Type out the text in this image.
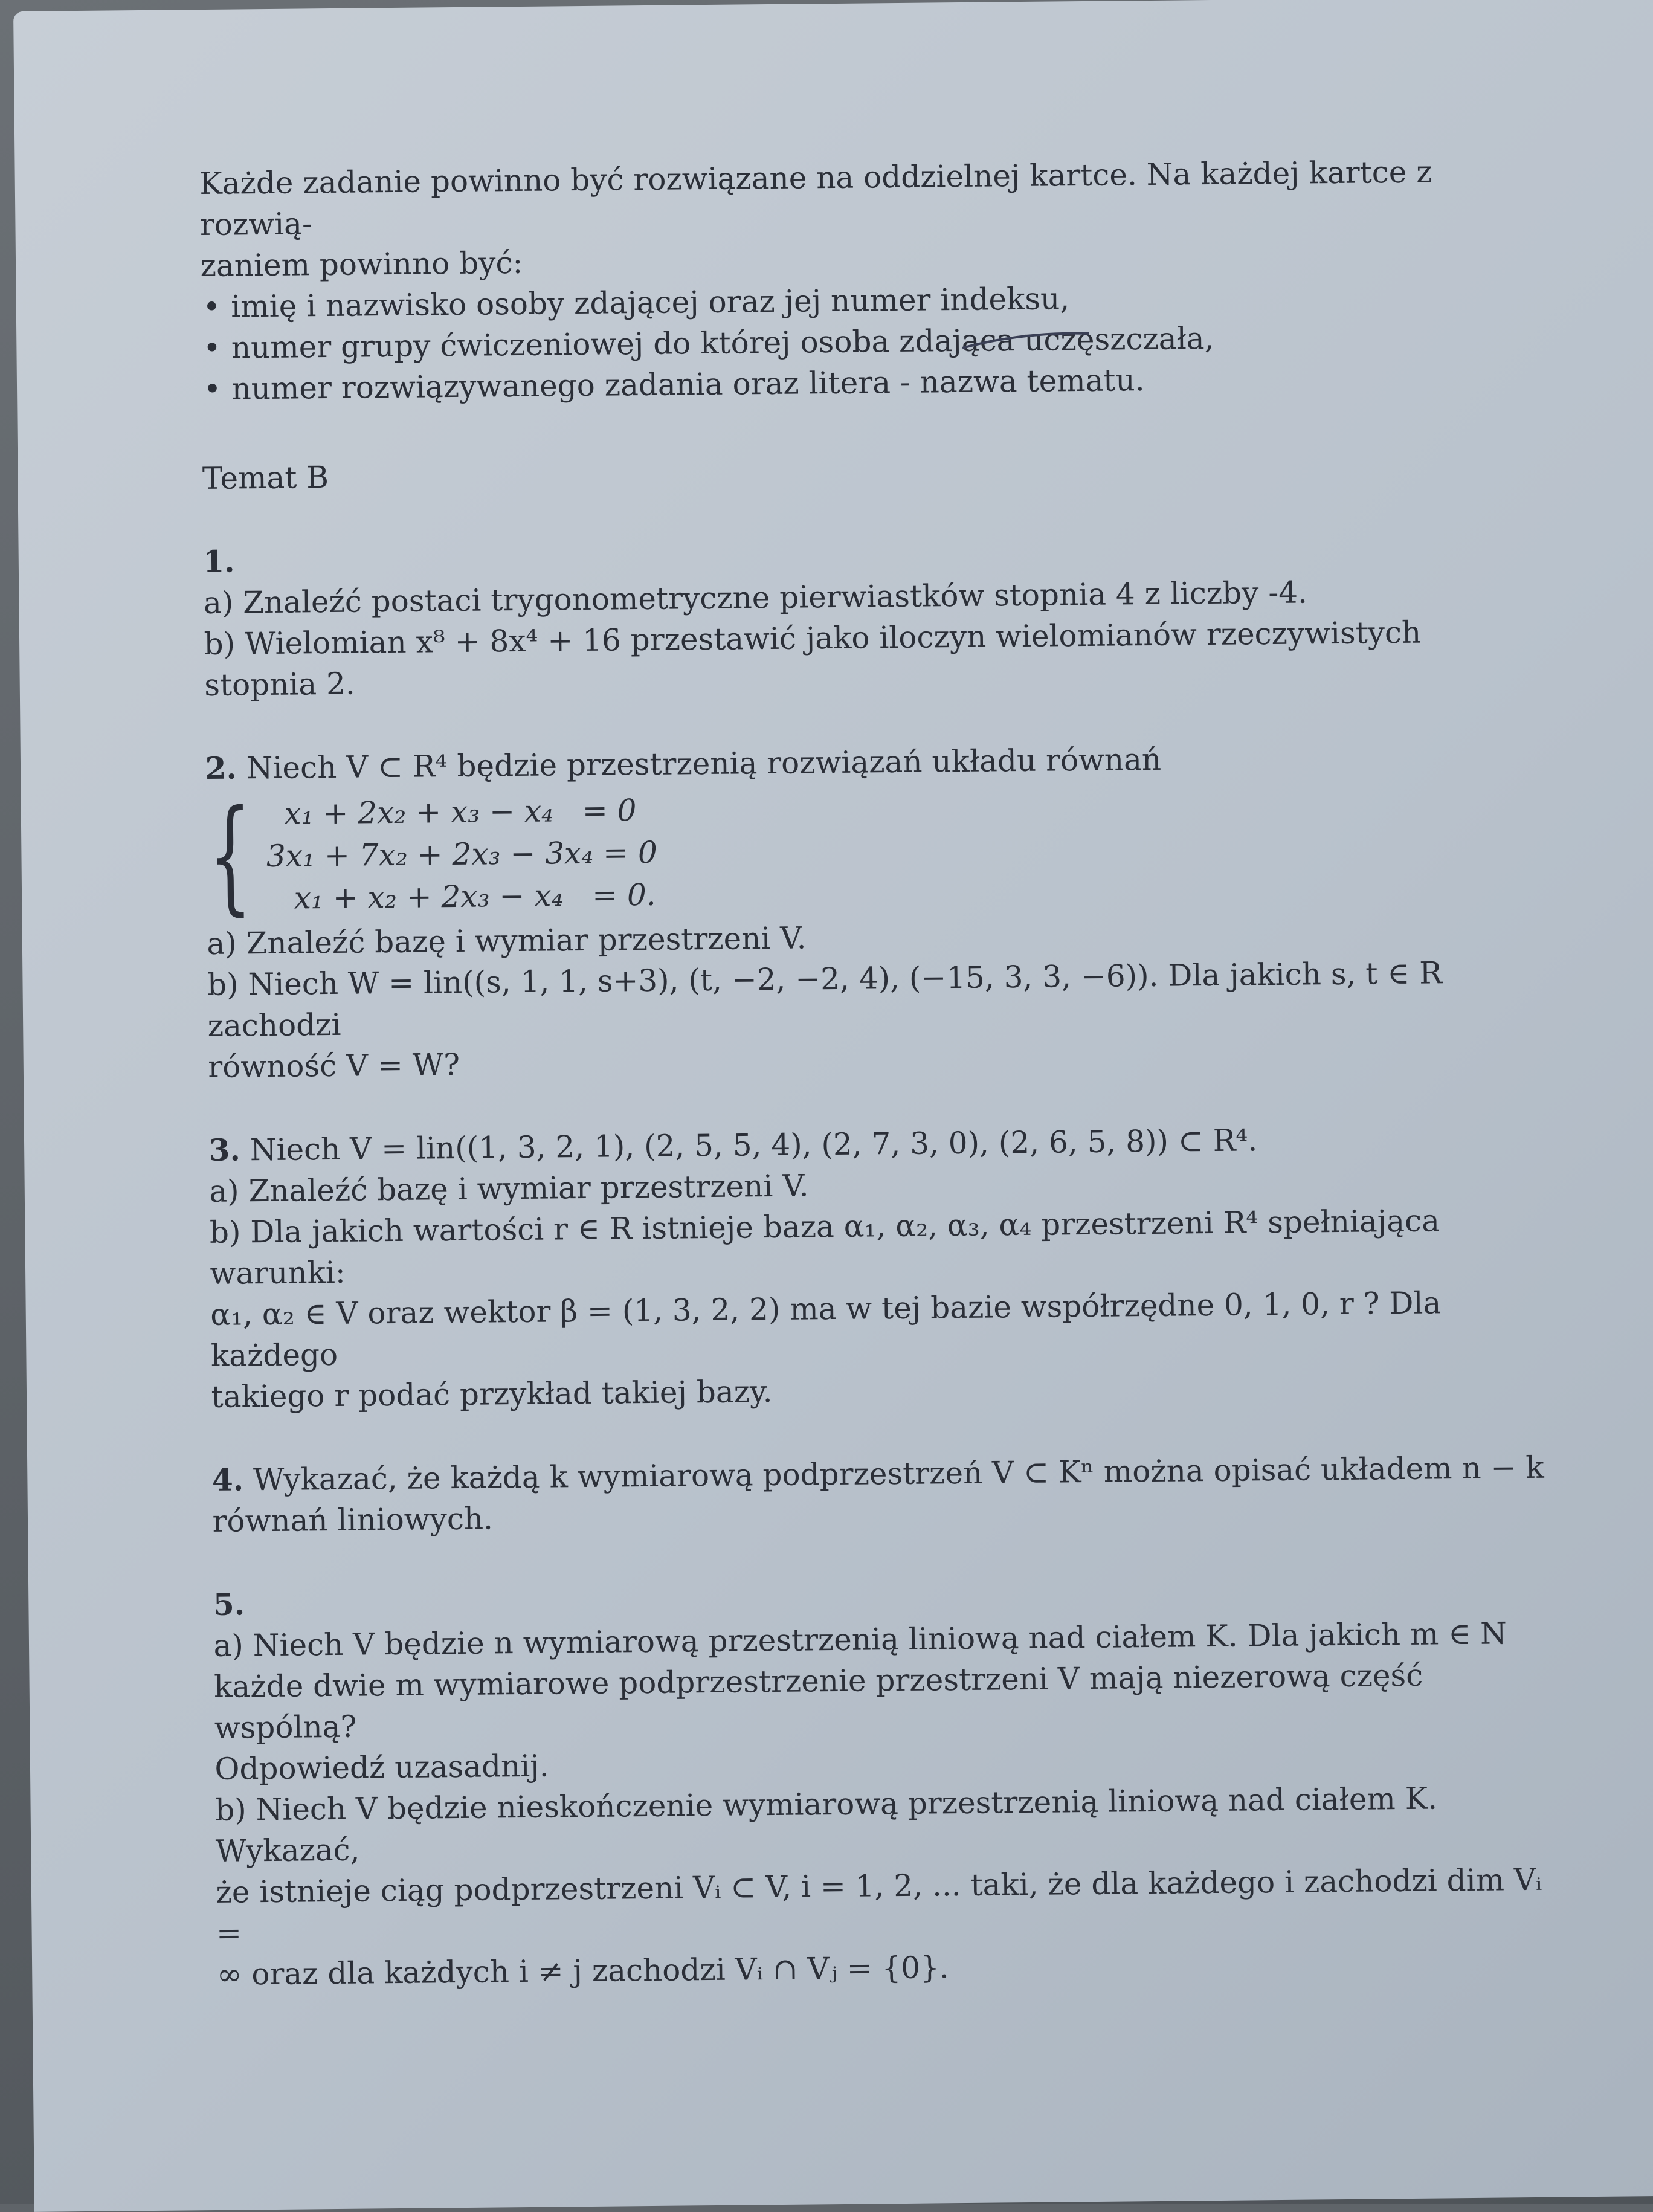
Każde zadanie powinno być rozwiązane na oddzielnej kartce. Na każdej kartce z rozwią-

zaniem powinno być:

• imię i nazwisko osoby zdającej oraz jej numer indeksu,
• numer grupy ćwiczeniowej do której osoba zdająca uczęszczała,
• numer rozwiązywanego zadania oraz litera - nazwa tematu.

Temat B

1.

a) Znaleźć postaci trygonometryczne pierwiastków stopnia 4 z liczby -4.

b) Wielomian x⁸ + 8x⁴ + 16 przestawić jako iloczyn wielomianów rzeczywistych

stopnia 2.

2. Niech V ⊂ R⁴ będzie przestrzenią rozwiązań układu równań

{ x₁ + 2x₂ + x₃ − x₄   = 0
3x₁ + 7x₂ + 2x₃ − 3x₄ = 0
x₁ + x₂ + 2x₃ − x₄   = 0.

a) Znaleźć bazę i wymiar przestrzeni V.

b) Niech W = lin((s, 1, 1, s+3), (t, −2, −2, 4), (−15, 3, 3, −6)). Dla jakich s, t ∈ R zachodzi

równość V = W?

3. Niech V = lin((1, 3, 2, 1), (2, 5, 5, 4), (2, 7, 3, 0), (2, 6, 5, 8)) ⊂ R⁴.

a) Znaleźć bazę i wymiar przestrzeni V.

b) Dla jakich wartości r ∈ R istnieje baza α₁, α₂, α₃, α₄ przestrzeni R⁴ spełniająca warunki:

α₁, α₂ ∈ V oraz wektor β = (1, 3, 2, 2) ma w tej bazie współrzędne 0, 1, 0, r ? Dla każdego

takiego r podać przykład takiej bazy.

4. Wykazać, że każdą k wymiarową podprzestrzeń V ⊂ Kⁿ można opisać układem n − k

równań liniowych.

5.

a) Niech V będzie n wymiarową przestrzenią liniową nad ciałem K. Dla jakich m ∈ N

każde dwie m wymiarowe podprzestrzenie przestrzeni V mają niezerową część wspólną?

Odpowiedź uzasadnij.

b) Niech V będzie nieskończenie wymiarową przestrzenią liniową nad ciałem K. Wykazać,

że istnieje ciąg podprzestrzeni Vᵢ ⊂ V, i = 1, 2, ... taki, że dla każdego i zachodzi dim Vᵢ =

∞ oraz dla każdych i ≠ j zachodzi Vᵢ ∩ Vⱼ = {0}.
